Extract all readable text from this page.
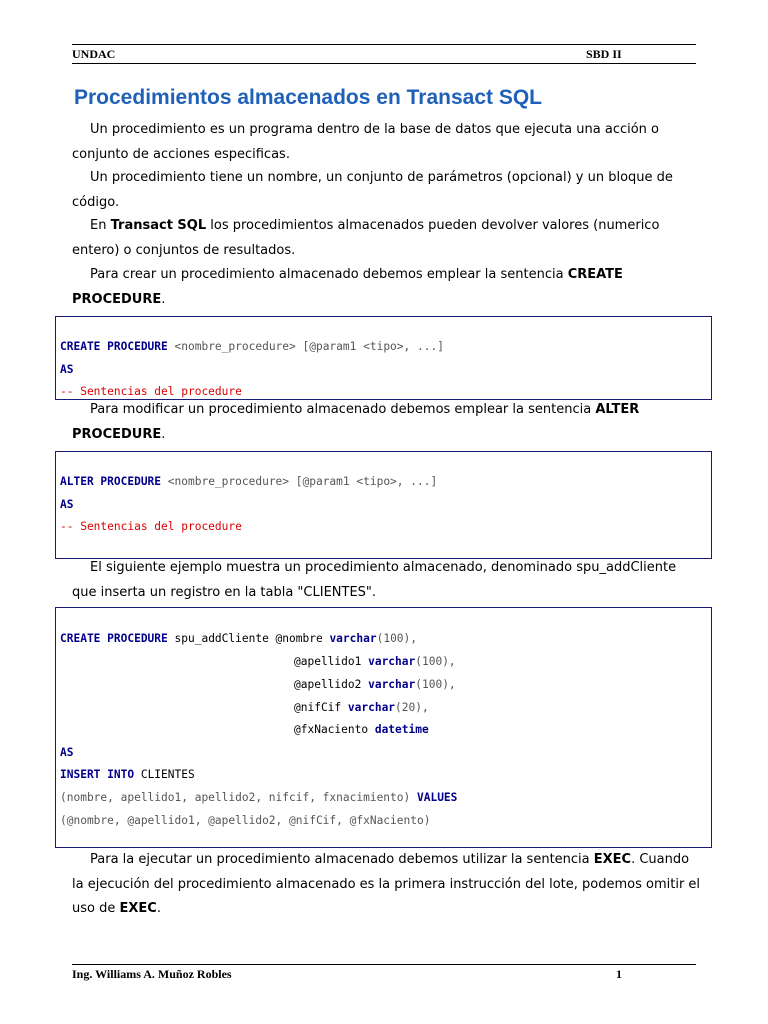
UNDAC	SBD II
Procedimientos almacenados en Transact SQL
Un procedimiento es un programa dentro de la base de datos que ejecuta una acción o conjunto de acciones especificas.
Un procedimiento tiene un nombre, un conjunto de parámetros (opcional) y un bloque de código.
En Transact SQL los procedimientos almacenados pueden devolver valores (numerico entero) o conjuntos de resultados.
Para crear un procedimiento almacenado debemos emplear la sentencia CREATE PROCEDURE.
CREATE PROCEDURE <nombre_procedure> [@param1 <tipo>, ...]
AS
-- Sentencias del procedure
Para modificar un procedimiento almacenado debemos emplear la sentencia ALTER PROCEDURE.
ALTER PROCEDURE <nombre_procedure> [@param1 <tipo>, ...]
AS
-- Sentencias del procedure
El siguiente ejemplo muestra un procedimiento almacenado, denominado spu_addCliente que inserta un registro en la tabla "CLIENTES".
CREATE PROCEDURE spu_addCliente @nombre varchar(100),
@apellido1 varchar(100),
@apellido2 varchar(100),
@nifCif varchar(20),
@fxNaciento datetime
AS
INSERT INTO CLIENTES
(nombre, apellido1, apellido2, nifcif, fxnacimiento) VALUES
(@nombre, @apellido1, @apellido2, @nifCif, @fxNaciento)
Para la ejecutar un procedimiento almacenado debemos utilizar la sentencia EXEC. Cuando la ejecución del procedimiento almacenado es la primera instrucción del lote, podemos omitir el uso de EXEC.
Ing. Williams A. Muñoz Robles	1
